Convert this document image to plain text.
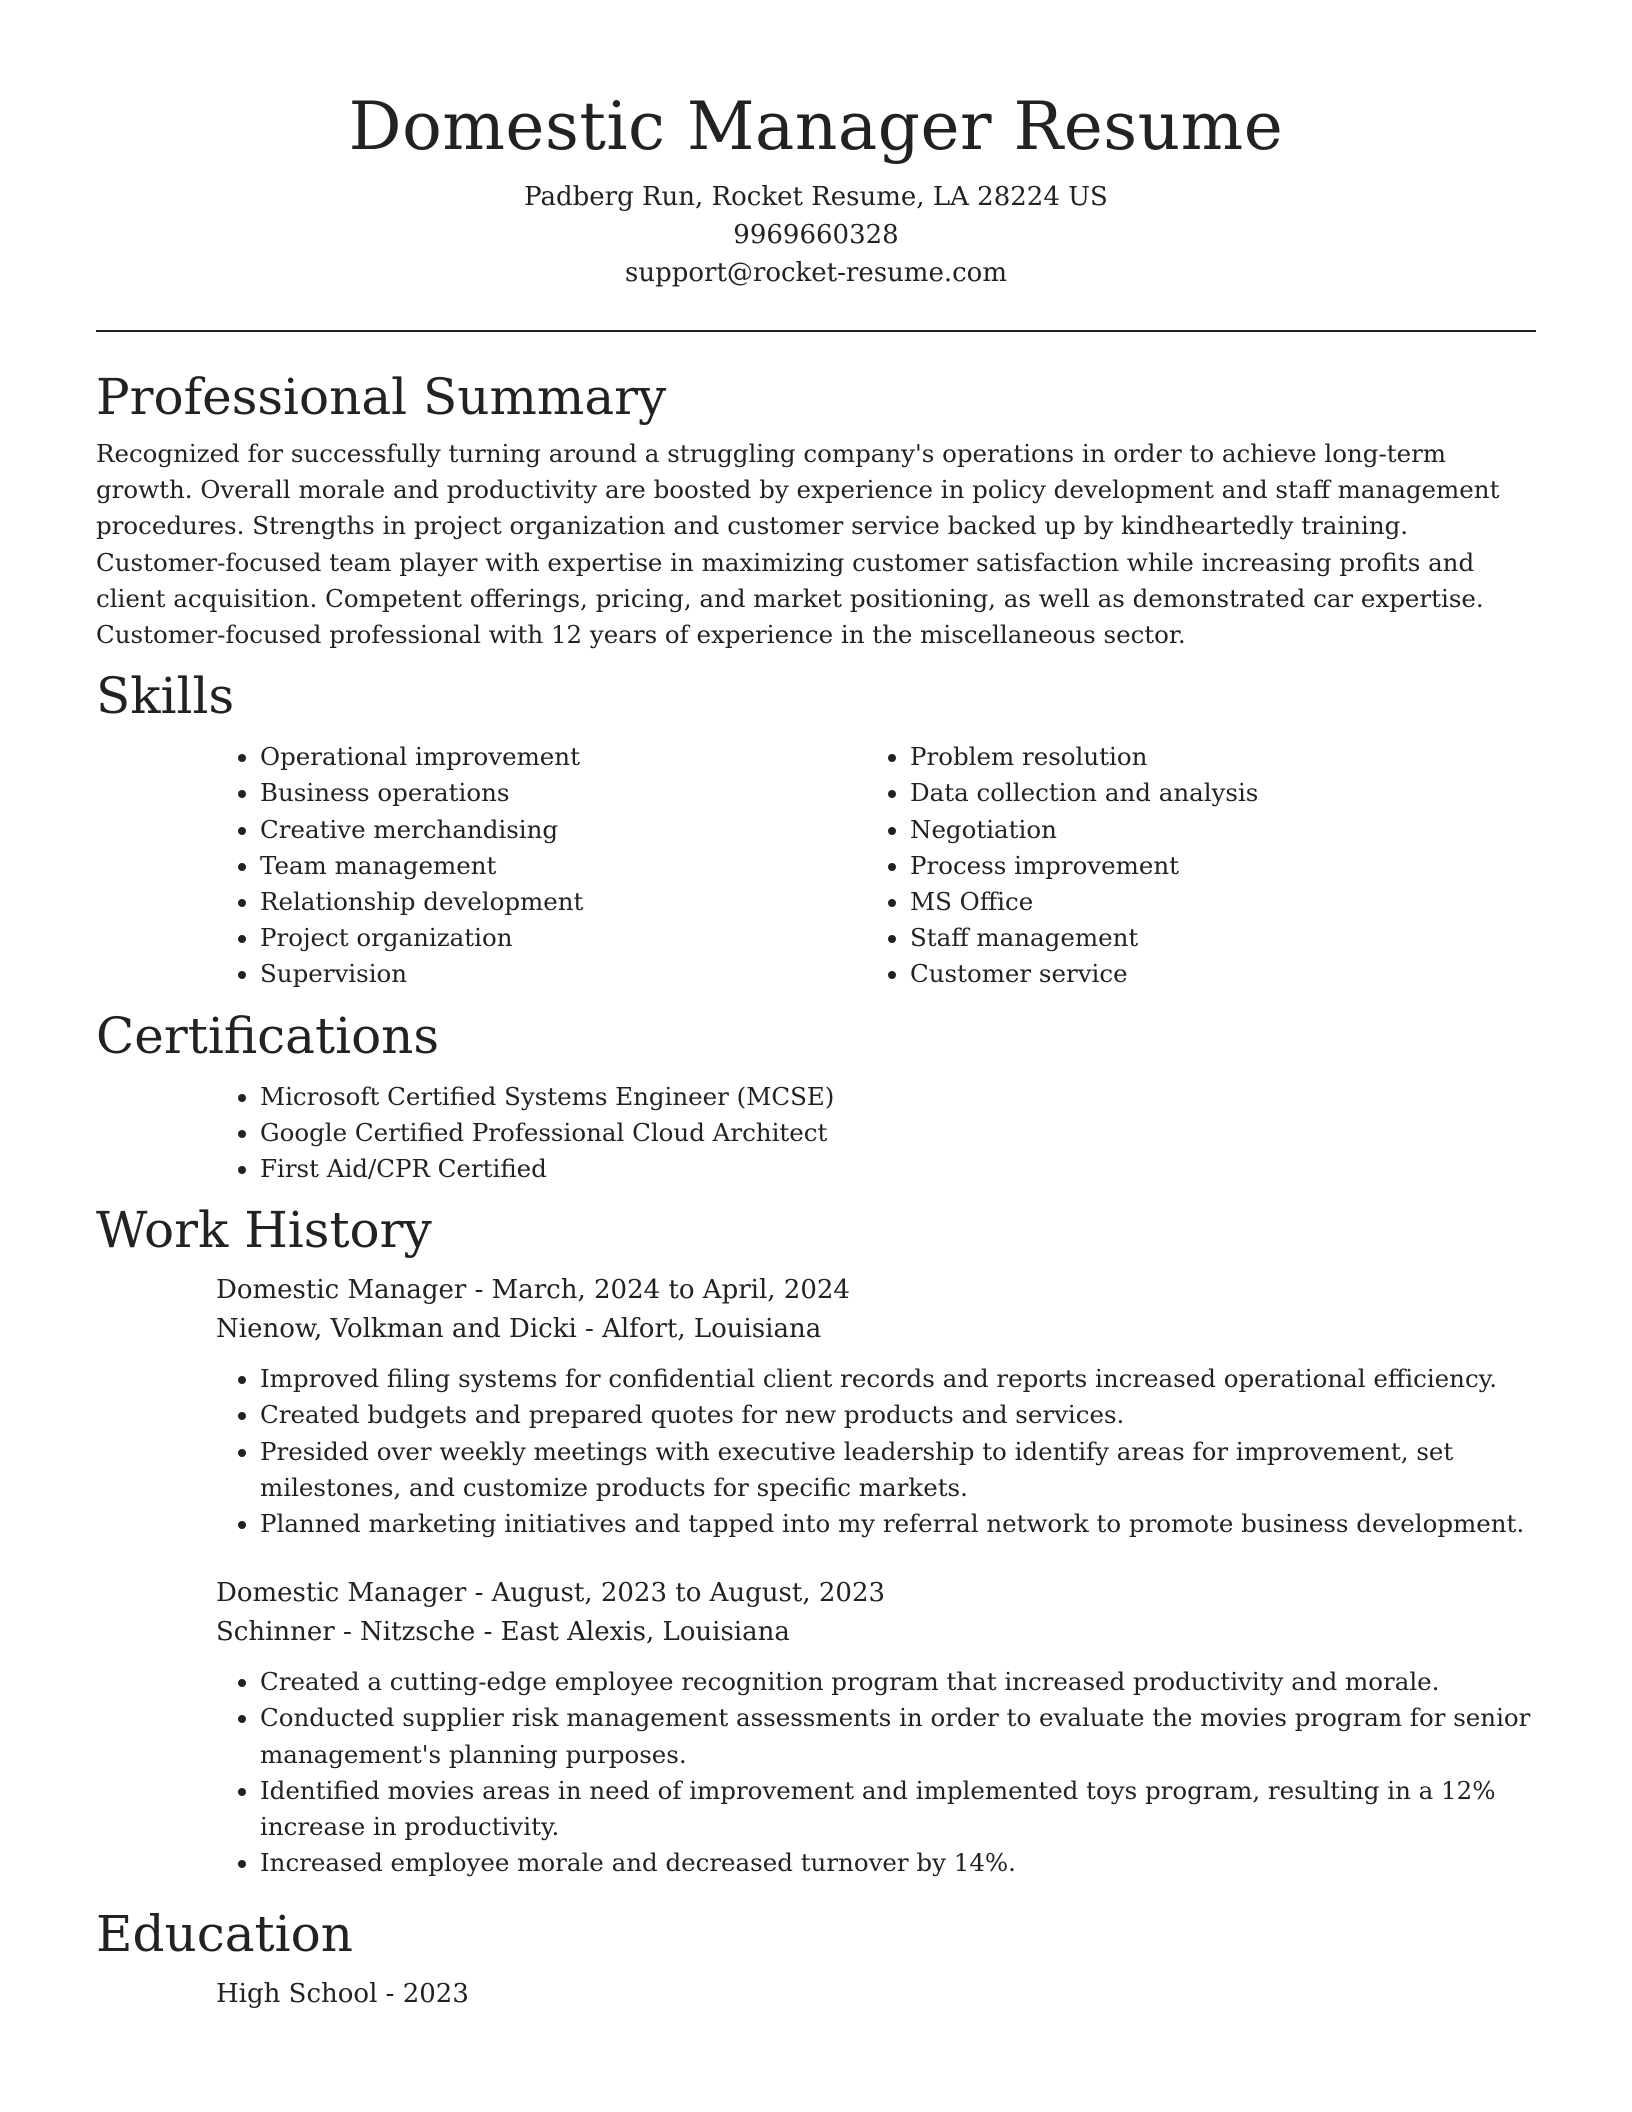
Domestic Manager Resume
Padberg Run, Rocket Resume, LA 28224 US
9969660328
support@rocket-resume.com
Professional Summary

Recognized for successfully turning around a struggling company's operations in order to achieve long-term growth. Overall morale and productivity are boosted by experience in policy development and staff management procedures. Strengths in project organization and customer service backed up by kindheartedly training. Customer-focused team player with expertise in maximizing customer satisfaction while increasing profits and client acquisition. Competent offerings, pricing, and market positioning, as well as demonstrated car expertise. Customer-focused professional with 12 years of experience in the miscellaneous sector.

Skills
• Operational improvement
• Business operations
• Creative merchandising
• Team management
• Relationship development
• Project organization
• Supervision
• Problem resolution
• Data collection and analysis
• Negotiation
• Process improvement
• MS Office
• Staff management
• Customer service
Certifications
• Microsoft Certified Systems Engineer (MCSE)
• Google Certified Professional Cloud Architect
• First Aid/CPR Certified
Work History
Domestic Manager - March, 2024 to April, 2024
Nienow, Volkman and Dicki - Alfort, Louisiana
• Improved filing systems for confidential client records and reports increased operational efficiency.
• Created budgets and prepared quotes for new products and services.
• Presided over weekly meetings with executive leadership to identify areas for improvement, set milestones, and customize products for specific markets.
• Planned marketing initiatives and tapped into my referral network to promote business development.
Domestic Manager - August, 2023 to August, 2023
Schinner - Nitzsche - East Alexis, Louisiana
• Created a cutting-edge employee recognition program that increased productivity and morale.
• Conducted supplier risk management assessments in order to evaluate the movies program for senior management's planning purposes.
• Identified movies areas in need of improvement and implemented toys program, resulting in a 12% increase in productivity.
• Increased employee morale and decreased turnover by 14%.
Education
High School - 2023
